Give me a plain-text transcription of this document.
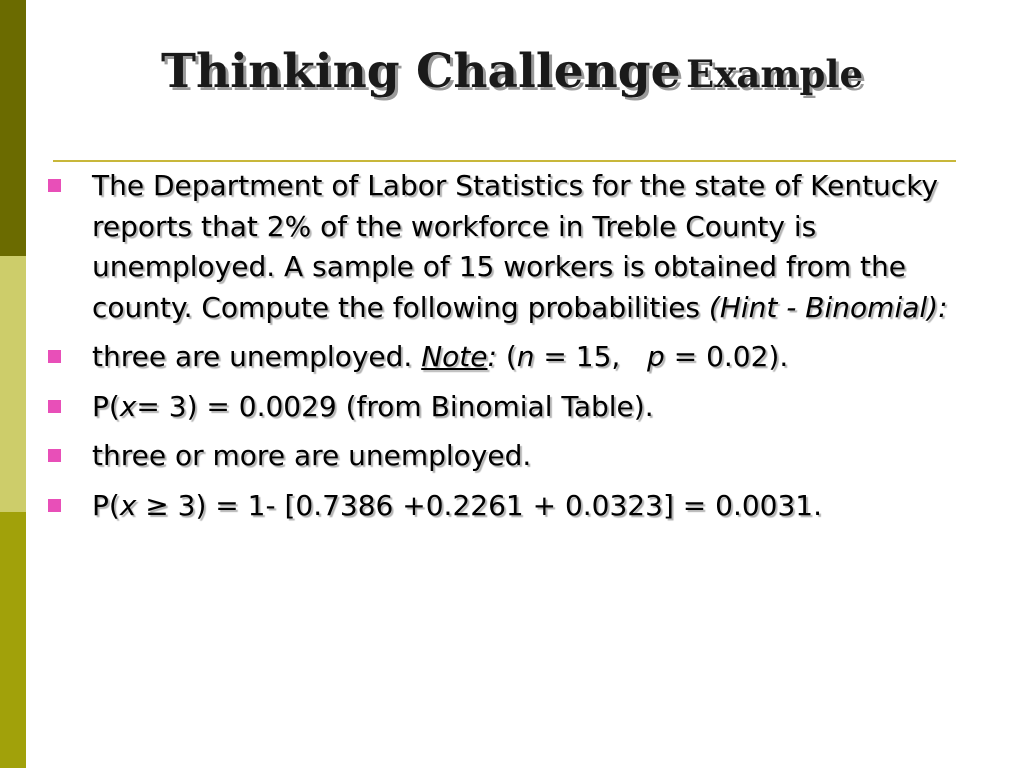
Thinking Challenge Example
The Department of Labor Statistics for the state of Kentucky reports that 2% of the workforce in Treble County is unemployed. A sample of 15 workers is obtained from the county. Compute the following probabilities (Hint - Binomial):
three are unemployed. Note: (n = 15,   p = 0.02).
P(x= 3) = 0.0029 (from Binomial Table).
three or more are unemployed.
P(x ≥ 3) = 1- [0.7386 +0.2261 + 0.0323] = 0.0031.
